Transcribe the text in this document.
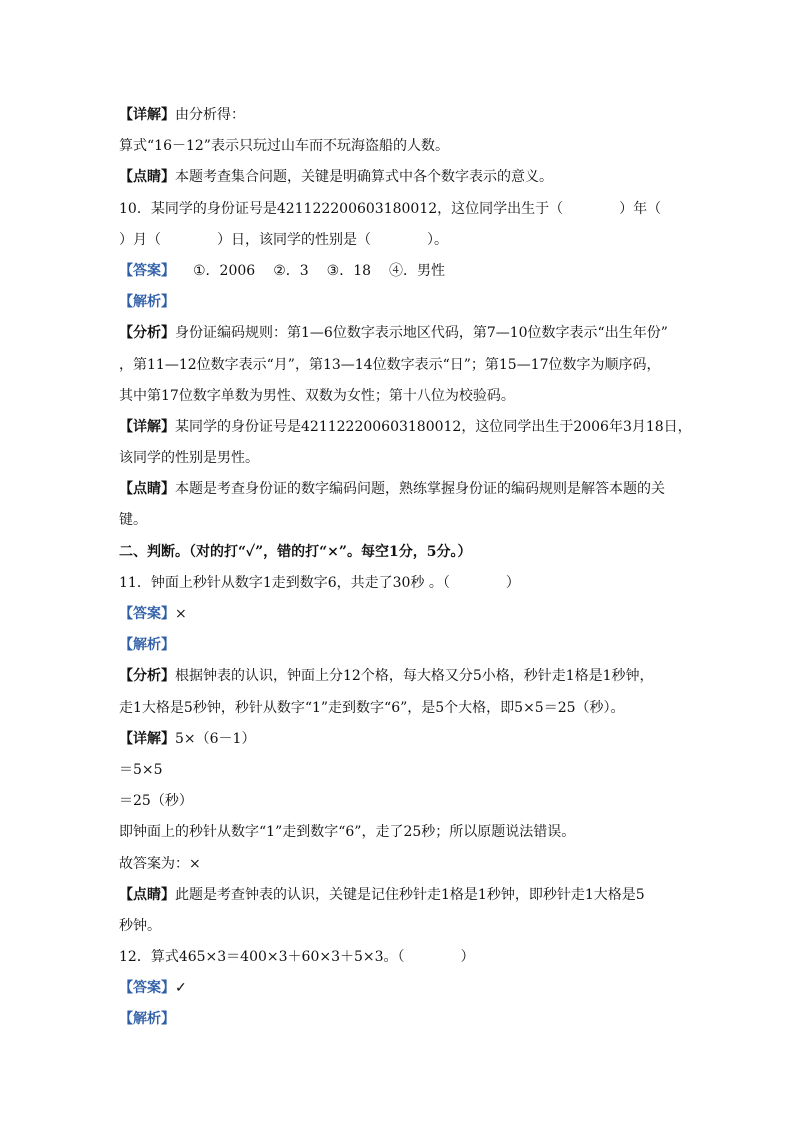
【详解】由分析得：
算式“16－12”表示只玩过山车而不玩海盗船的人数。
【点睛】本题考查集合问题，关键是明确算式中各个数字表示的意义。
10．某同学的身份证号是421122200603180012，这位同学出生于（　　　　）年（
）月（　　　　）日，该同学的性别是（　　　　）。
【答案】 ①．2006 ②．3 ③．18 ④．男性
【解析】
【分析】身份证编码规则：第1—6位数字表示地区代码，第7—10位数字表示“出生年份”
，第11—12位数字表示“月”，第13—14位数字表示“日”；第15—17位数字为顺序码，
其中第17位数字单数为男性、双数为女性；第十八位为校验码。
【详解】某同学的身份证号是421122200603180012，这位同学出生于2006年3月18日，
该同学的性别是男性。
【点睛】本题是考查身份证的数字编码问题，熟练掌握身份证的编码规则是解答本题的关
键。
二、判断。（对的打“✓”，错的打“×”。每空1分，5分。）
11．钟面上秒针从数字1走到数字6，共走了30秒 。（　　　　）
【答案】×
【解析】
【分析】根据钟表的认识，钟面上分12个格，每大格又分5小格，秒针走1格是1秒钟，
走1大格是5秒钟，秒针从数字“1”走到数字“6”，是5个大格，即5×5＝25（秒）。
【详解】5×（6－1）
＝5×5
＝25（秒）
即钟面上的秒针从数字“1”走到数字“6”，走了25秒；所以原题说法错误。
故答案为：×
【点睛】此题是考查钟表的认识，关键是记住秒针走1格是1秒钟，即秒针走1大格是5
秒钟。
12．算式465×3＝400×3＋60×3＋5×3。（　　　　）
【答案】✓
【解析】
